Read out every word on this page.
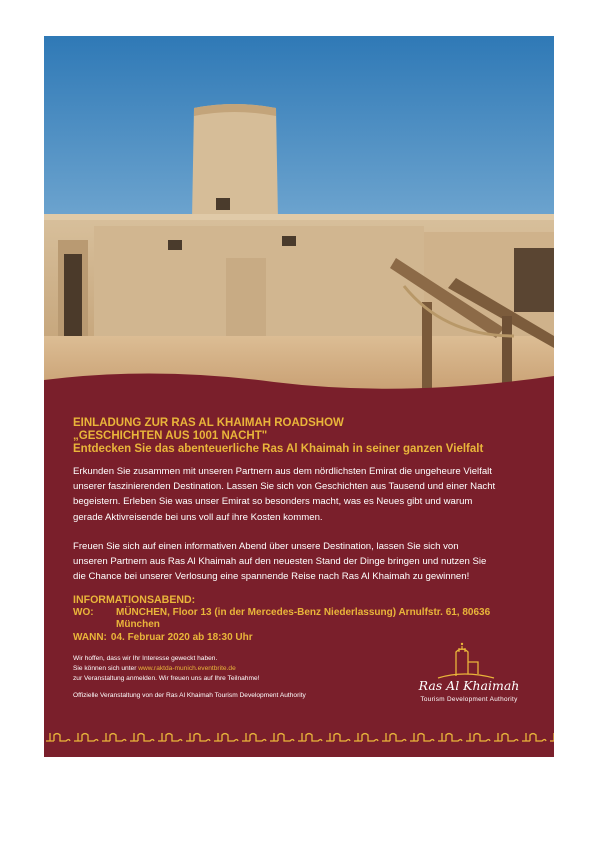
EINLADUNG ZUR RAS AL KHAIMAH ROADSHOW

„GESCHICHTEN AUS 1001 NACHT"

Entdecken Sie das abenteuerliche Ras Al Khaimah in seiner ganzen Vielfalt

Erkunden Sie zusammen mit unseren Partnern aus dem nördlichsten Emirat die ungeheure Vielfalt

unserer faszinierenden Destination. Lassen Sie sich von Geschichten aus Tausend und einer Nacht

begeistern. Erleben Sie was unser Emirat so besonders macht, was es Neues gibt und warum

gerade Aktivreisende bei uns voll auf ihre Kosten kommen.

Freuen Sie sich auf einen informativen Abend über unsere Destination, lassen Sie sich von

unseren Partnern aus Ras Al Khaimah auf den neuesten Stand der Dinge bringen und nutzen Sie

die Chance bei unserer Verlosung eine spannende Reise nach Ras Al Khaimah zu gewinnen!

INFORMATIONSABEND:
WO:	MÜNCHEN, Floor 13 (in der Mercedes-Benz Niederlassung) Arnulfstr. 61, 80636
München
WANN: 04. Februar 2020 ab 18:30 Uhr

Wir hoffen, dass wir Ihr Interesse geweckt haben.

Sie können sich unter www.raktda-munich.eventbrite.de

zur Veranstaltung anmelden. Wir freuen uns auf Ihre Teilnahme!

Offizielle Veranstaltung von der Ras Al Khaimah Tourism Development Authority

Ras Al Khaimah
Tourism Development Authority
